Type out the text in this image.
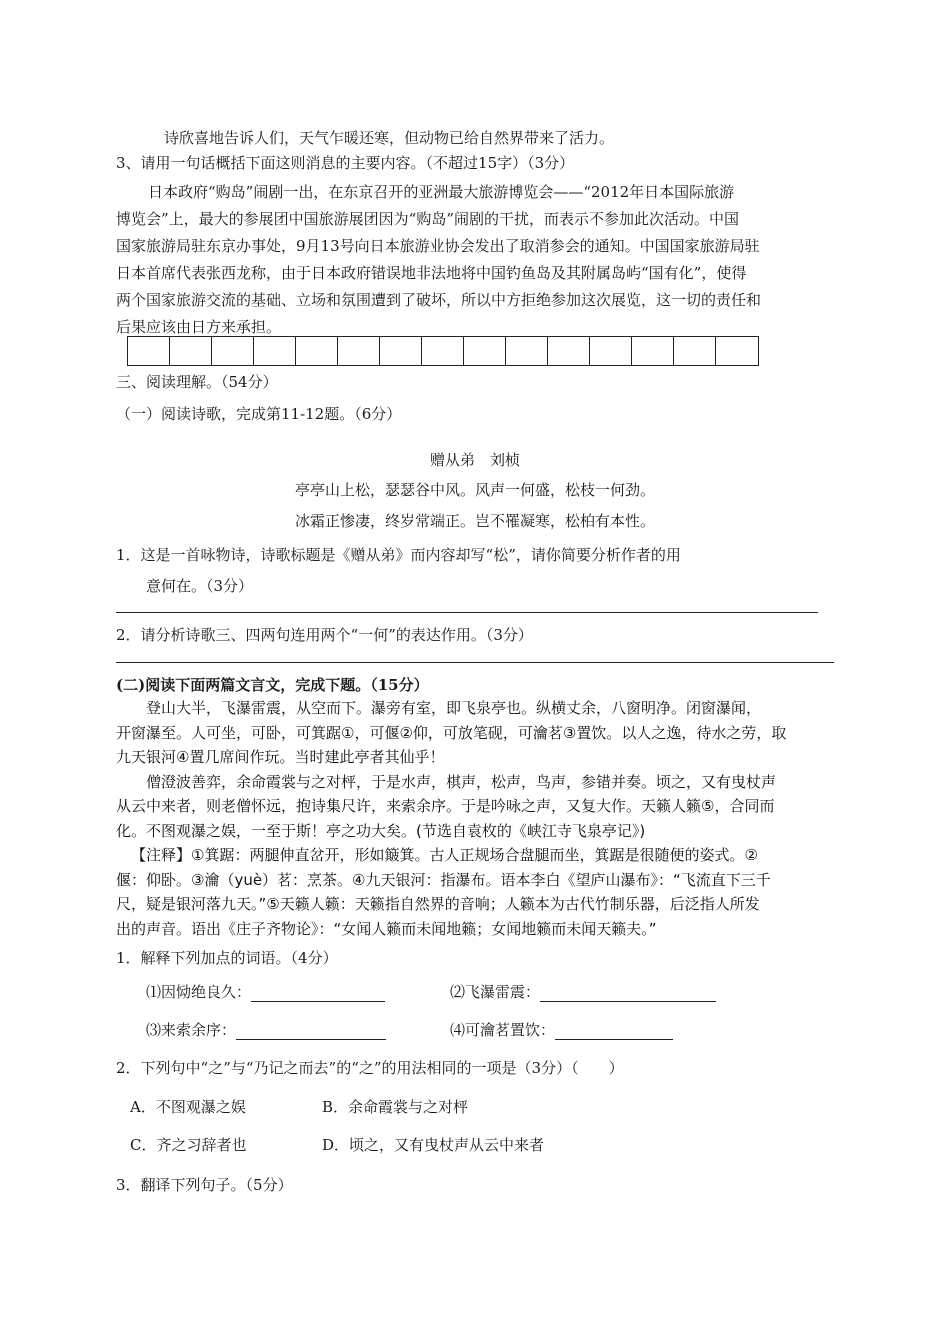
诗欣喜地告诉人们，天气乍暖还寒，但动物已给自然界带来了活力。
3、请用一句话概括下面这则消息的主要内容。（不超过15字）（3分）
日本政府“购岛”闹剧一出，在东京召开的亚洲最大旅游博览会——“2012年日本国际旅游
博览会”上，最大的参展团中国旅游展团因为“购岛”闹剧的干扰，而表示不参加此次活动。中国
国家旅游局驻东京办事处，9月13号向日本旅游业协会发出了取消参会的通知。中国国家旅游局驻
日本首席代表张西龙称，由于日本政府错误地非法地将中国钓鱼岛及其附属岛屿“国有化”，使得
两个国家旅游交流的基础、立场和氛围遭到了破坏，所以中方拒绝参加这次展览，这一切的责任和
后果应该由日方来承担。
三、阅读理解。（54分）
（一）阅读诗歌，完成第11-12题。（6分）
赠从弟　刘桢
亭亭山上松，瑟瑟谷中风。风声一何盛，松枝一何劲。
冰霜正惨凄，终岁常端正。岂不罹凝寒，松柏有本性。
1．这是一首咏物诗，诗歌标题是《赠从弟》而内容却写“松”，请你简要分析作者的用
意何在。（3分）
2．请分析诗歌三、四两句连用两个“一何”的表达作用。（3分）
(二)阅读下面两篇文言文，完成下题。（15分）
登山大半，飞瀑雷震，从空而下。瀑旁有室，即飞泉亭也。纵横丈余，八窗明净。闭窗瀑闻，
开窗瀑至。人可坐，可卧，可箕踞①，可偃②仰，可放笔砚，可瀹茗③置饮。以人之逸，待水之劳，取
九天银河④置几席间作玩。当时建此亭者其仙乎！
僧澄波善弈，余命霞裳与之对枰，于是水声，棋声，松声，鸟声，参错并奏。顷之，又有曳杖声
从云中来者，则老僧怀远，抱诗集尺许，来索余序。于是吟咏之声，又复大作。天籁人籁⑤，合同而
化。不图观瀑之娱，一至于斯！亭之功大矣。(节选自袁枚的《峡江寺飞泉亭记》)
【注释】①箕踞：两腿伸直岔开，形如簸箕。古人正规场合盘腿而坐，箕踞是很随便的姿式。②
偃：仰卧。③瀹（yuè）茗：烹茶。④九天银河：指瀑布。语本李白《望庐山瀑布》：“飞流直下三千
尺，疑是银河落九天。”⑤天籁人籁：天籁指自然界的音响；人籁本为古代竹制乐器，后泛指人所发
出的声音。语出《庄子齐物论》：“女闻人籁而未闻地籁；女闻地籁而未闻天籁夫。”
1．解释下列加点的词语。（4分）
⑴因恸绝良久：	⑵飞瀑雷震：
⑶来索余序：	⑷可瀹茗置饮：
2．下列句中“之”与“乃记之而去”的“之”的用法相同的一项是（3分）（　　）
A．不图观瀑之娱	B．余命霞裳与之对枰
C．齐之习辞者也	D．顷之，又有曳杖声从云中来者
3．翻译下列句子。（5分）
